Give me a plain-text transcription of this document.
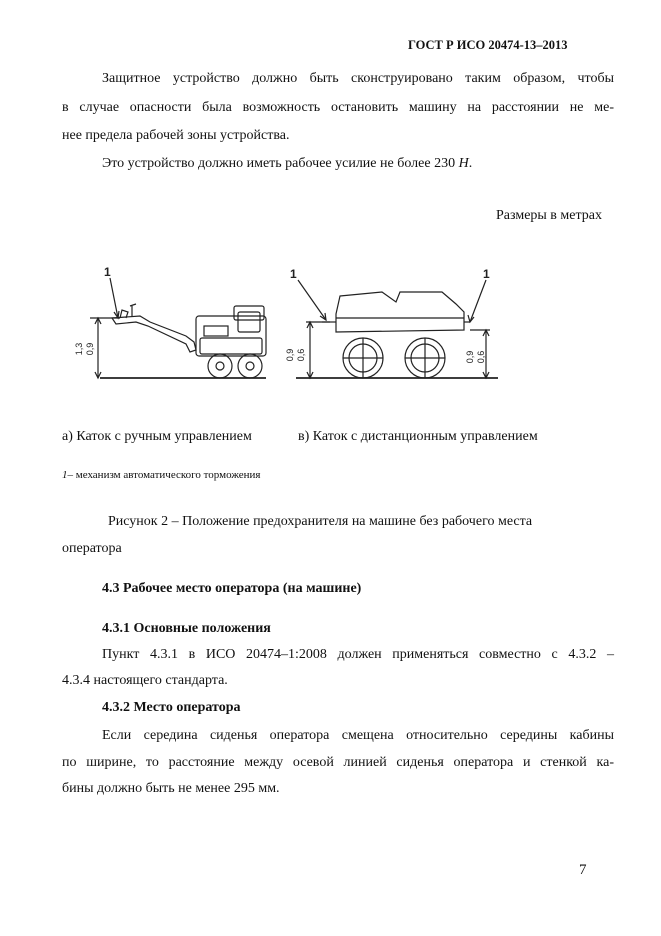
ГОСТ Р ИСО 20474-13–2013
Защитное устройство должно быть сконструировано таким образом, чтобы
в случае опасности была возможность остановить машину на расстоянии не ме-
нее предела рабочей зоны устройства.
Это устройство должно иметь рабочее усилие не более 230 Н.
Размеры в метрах
1	1	1
1,3 0,9	0,9 0,6	0,9 0,6
а) Каток с ручным управлением	в) Каток с дистанционным управлением
1– механизм автоматического торможения
Рисунок 2 – Положение предохранителя на машине без рабочего места
оператора
4.3 Рабочее место оператора (на машине)
4.3.1 Основные положения
Пункт 4.3.1 в ИСО 20474–1:2008 должен применяться совместно с 4.3.2 –
4.3.4 настоящего стандарта.
4.3.2 Место оператора
Если середина сиденья оператора смещена относительно середины кабины
по ширине, то расстояние между осевой линией сиденья оператора и стенкой ка-
бины должно быть не менее 295 мм.
7
